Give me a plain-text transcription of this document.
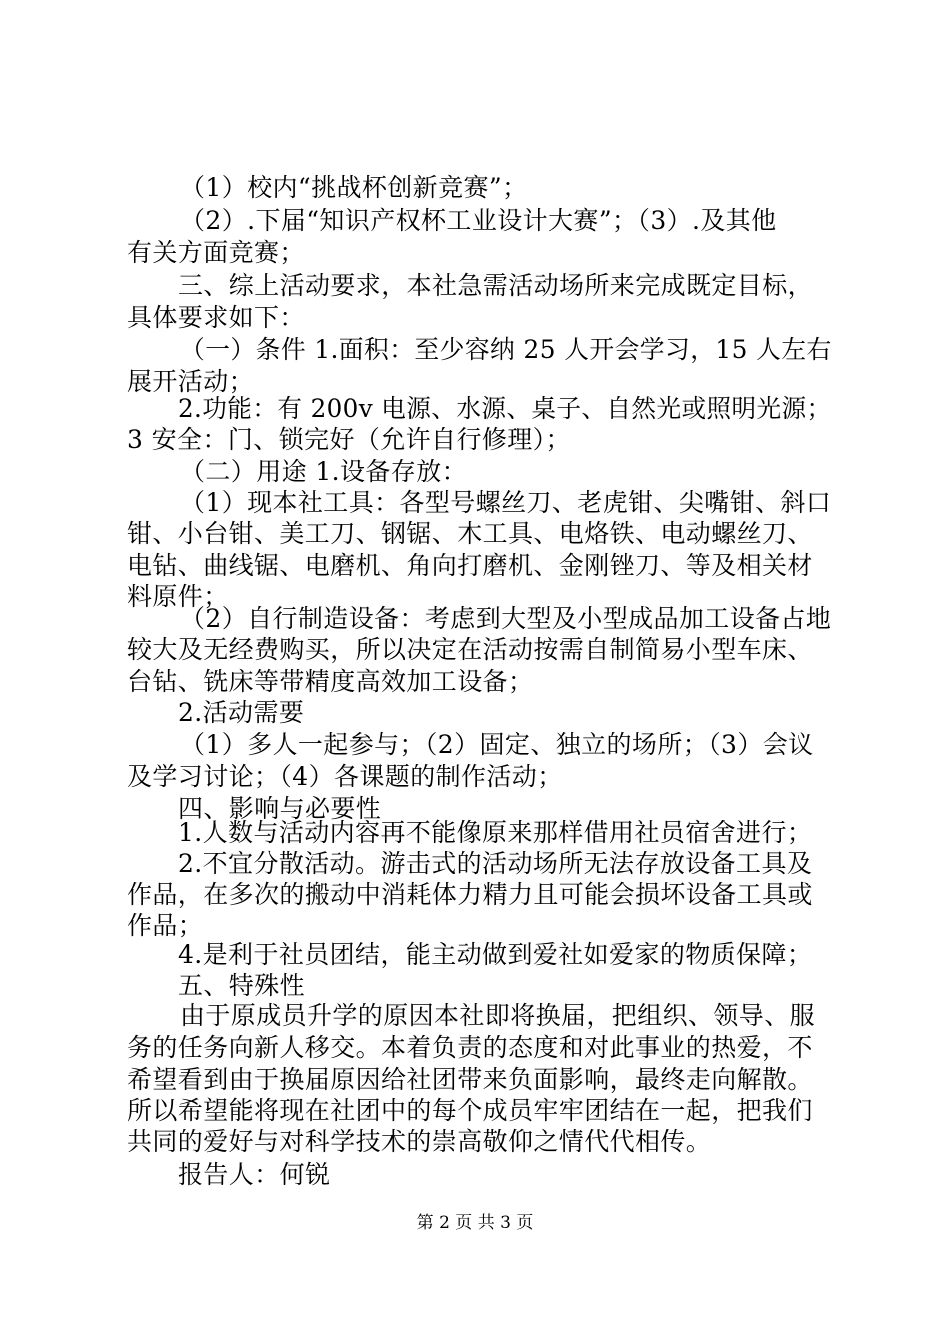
（1）校内“挑战杯创新竞赛”；
（2）.下届“知识产权杯工业设计大赛”；（3）.及其他
有关方面竞赛；
三、综上活动要求，本社急需活动场所来完成既定目标，
具体要求如下：
（一）条件 1.面积：至少容纳 25 人开会学习，15 人左右
展开活动；
2.功能：有 200v 电源、水源、桌子、自然光或照明光源；
3 安全：门、锁完好（允许自行修理）；
（二）用途 1.设备存放：
（1）现本社工具：各型号螺丝刀、老虎钳、尖嘴钳、斜口
钳、小台钳、美工刀、钢锯、木工具、电烙铁、电动螺丝刀、
电钻、曲线锯、电磨机、角向打磨机、金刚锉刀、等及相关材
料原件；
（2）自行制造设备：考虑到大型及小型成品加工设备占地
较大及无经费购买，所以决定在活动按需自制简易小型车床、
台钻、铣床等带精度高效加工设备；
2.活动需要
（1）多人一起参与；（2）固定、独立的场所；（3）会议
及学习讨论；（4）各课题的制作活动；
四、影响与必要性
1.人数与活动内容再不能像原来那样借用社员宿舍进行；
2.不宜分散活动。游击式的活动场所无法存放设备工具及
作品，在多次的搬动中消耗体力精力且可能会损坏设备工具或
作品；
4.是利于社员团结，能主动做到爱社如爱家的物质保障；
五、特殊性
由于原成员升学的原因本社即将换届，把组织、领导、服
务的任务向新人移交。本着负责的态度和对此事业的热爱，不
希望看到由于换届原因给社团带来负面影响，最终走向解散。
所以希望能将现在社团中的每个成员牢牢团结在一起，把我们
共同的爱好与对科学技术的崇高敬仰之情代代相传。
报告人：何锐
第 2 页 共 3 页
